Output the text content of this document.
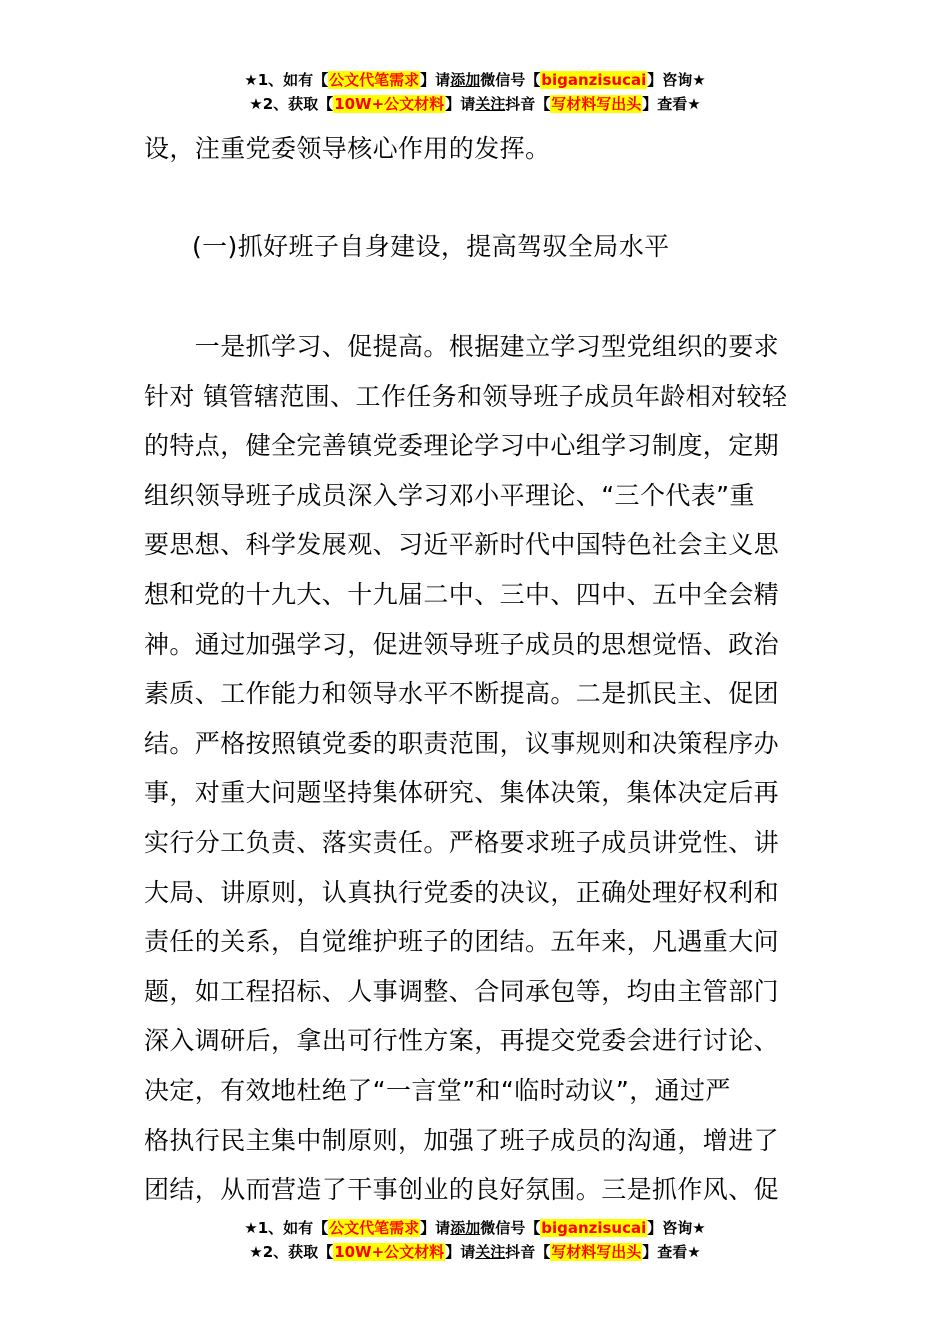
★1、如有【公文代笔需求】请添加微信号【biganzisucai】咨询★
★2、获取【10W+公文材料】请关注抖音【写材料写出头】查看★
设，注重党委领导核心作用的发挥。
(一)抓好班子自身建设，提高驾驭全局水平
　　一是抓学习、促提高。根据建立学习型党组织的要求
针对 镇管辖范围、工作任务和领导班子成员年龄相对较轻
的特点，健全完善镇党委理论学习中心组学习制度，定期
组织领导班子成员深入学习邓小平理论、“三个代表”重
要思想、科学发展观、习近平新时代中国特色社会主义思
想和党的十九大、十九届二中、三中、四中、五中全会精
神。通过加强学习，促进领导班子成员的思想觉悟、政治
素质、工作能力和领导水平不断提高。二是抓民主、促团
结。严格按照镇党委的职责范围，议事规则和决策程序办
事，对重大问题坚持集体研究、集体决策，集体决定后再
实行分工负责、落实责任。严格要求班子成员讲党性、讲
大局、讲原则，认真执行党委的决议，正确处理好权利和
责任的关系，自觉维护班子的团结。五年来，凡遇重大问
题，如工程招标、人事调整、合同承包等，均由主管部门
深入调研后，拿出可行性方案，再提交党委会进行讨论、
决定，有效地杜绝了“一言堂”和“临时动议”，通过严
格执行民主集中制原则，加强了班子成员的沟通，增进了
团结，从而营造了干事创业的良好氛围。三是抓作风、促
★1、如有【公文代笔需求】请添加微信号【biganzisucai】咨询★
★2、获取【10W+公文材料】请关注抖音【写材料写出头】查看★
